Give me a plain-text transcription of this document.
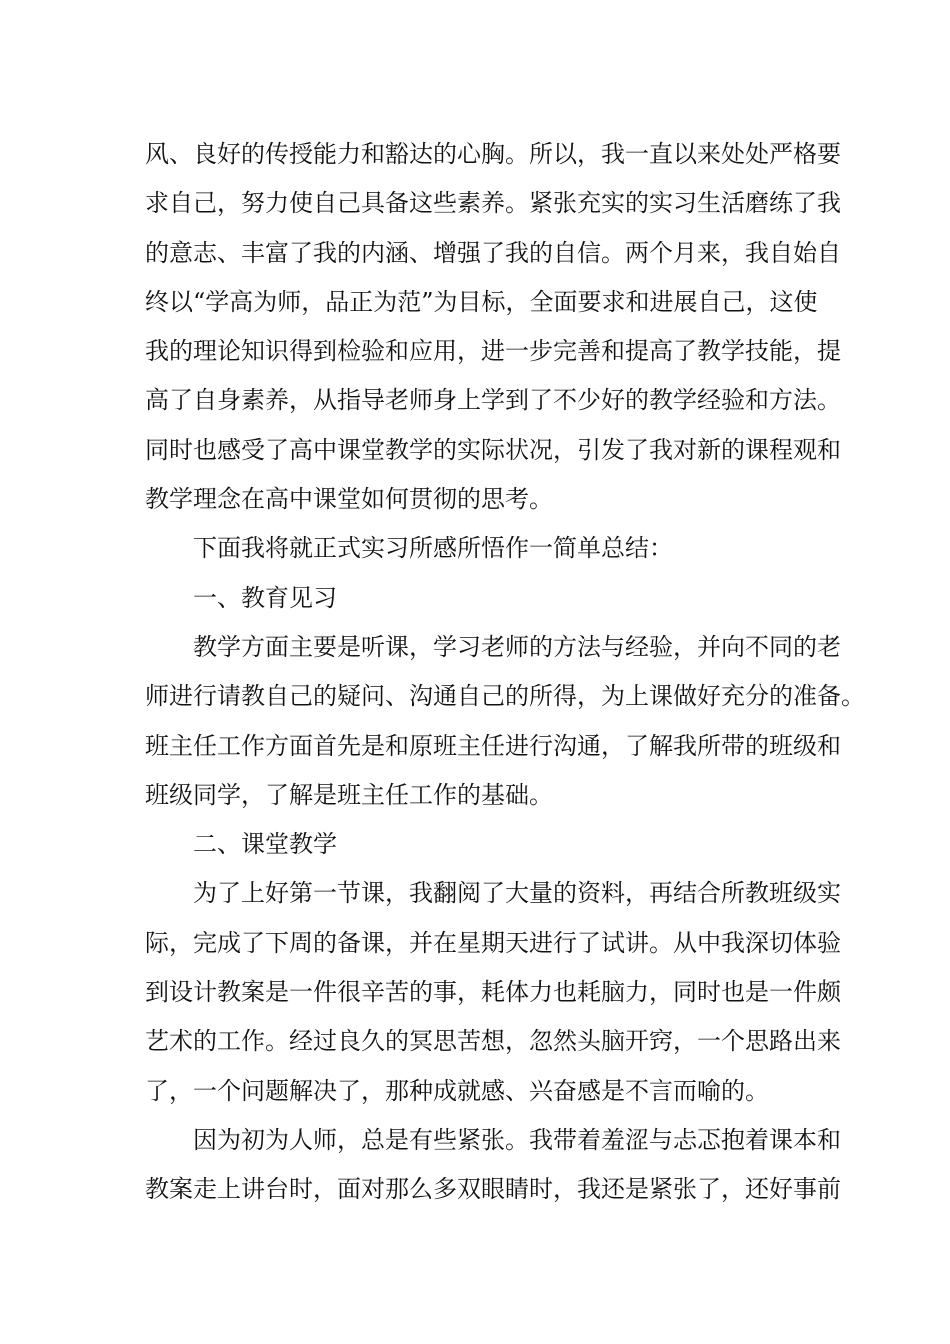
风、良好的传授能力和豁达的心胸。所以，我一直以来处处严格要
求自己，努力使自己具备这些素养。紧张充实的实习生活磨练了我
的意志、丰富了我的内涵、增强了我的自信。两个月来，我自始自
终以“学高为师，品正为范”为目标，全面要求和进展自己，这使
我的理论知识得到检验和应用，进一步完善和提高了教学技能，提
高了自身素养，从指导老师身上学到了不少好的教学经验和方法。
同时也感受了高中课堂教学的实际状况，引发了我对新的课程观和
教学理念在高中课堂如何贯彻的思考。
下面我将就正式实习所感所悟作一简单总结：
一、教育见习
教学方面主要是听课，学习老师的方法与经验，并向不同的老
师进行请教自己的疑问、沟通自己的所得，为上课做好充分的准备。
班主任工作方面首先是和原班主任进行沟通，了解我所带的班级和
班级同学，了解是班主任工作的基础。
二、课堂教学
为了上好第一节课，我翻阅了大量的资料，再结合所教班级实
际，完成了下周的备课，并在星期天进行了试讲。从中我深切体验
到设计教案是一件很辛苦的事，耗体力也耗脑力，同时也是一件颇
艺术的工作。经过良久的冥思苦想，忽然头脑开窍，一个思路出来
了，一个问题解决了，那种成就感、兴奋感是不言而喻的。
因为初为人师，总是有些紧张。我带着羞涩与忐忑抱着课本和
教案走上讲台时，面对那么多双眼睛时，我还是紧张了，还好事前
